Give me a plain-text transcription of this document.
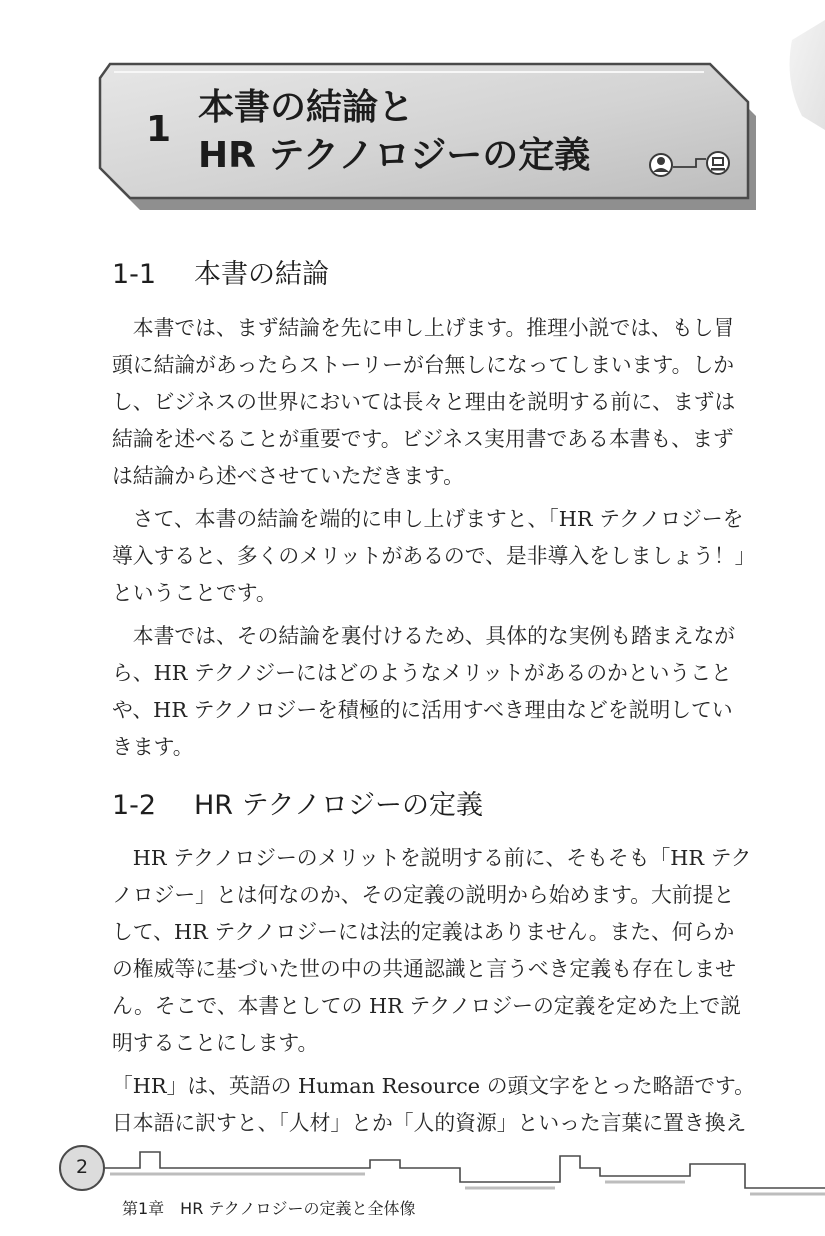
1
本書の結論と
HR テクノロジーの定義
1-1 本書の結論

　本書では、まず結論を先に申し上げます。推理小説では、もし冒
頭に結論があったらストーリーが台無しになってしまいます。しか
し、ビジネスの世界においては長々と理由を説明する前に、まずは
結論を述べることが重要です。ビジネス実用書である本書も、まず
は結論から述べさせていただきます。

　さて、本書の結論を端的に申し上げますと、「HR テクノロジーを
導入すると、多くのメリットがあるので、是非導入をしましょう！」
ということです。

　本書では、その結論を裏付けるため、具体的な実例も踏まえなが
ら、HR テクノジーにはどのようなメリットがあるのかということ
や、HR テクノロジーを積極的に活用すべき理由などを説明してい
きます。

1-2 HR テクノロジーの定義

　HR テクノロジーのメリットを説明する前に、そもそも「HR テク
ノロジー」とは何なのか、その定義の説明から始めます。大前提と
して、HR テクノロジーには法的定義はありません。また、何らか
の権威等に基づいた世の中の共通認識と言うべき定義も存在しませ
ん。そこで、本書としての HR テクノロジーの定義を定めた上で説
明することにします。

「HR」は、英語の Human Resource の頭文字をとった略語です。
日本語に訳すと、「人材」とか「人的資源」といった言葉に置き換え

2
第1章　HR テクノロジーの定義と全体像
